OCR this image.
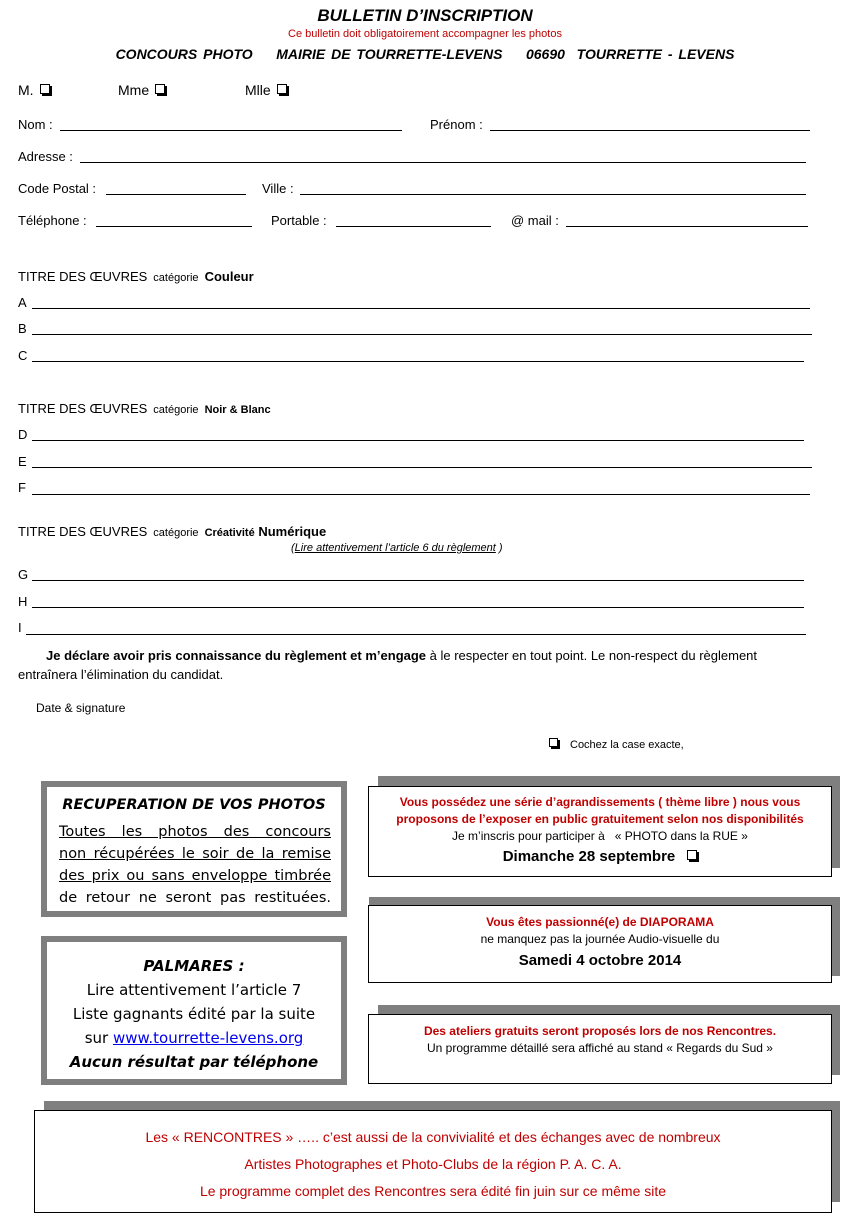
BULLETIN D’INSCRIPTION
Ce bulletin doit obligatoirement accompagner les photos
CONCOURS PHOTO    MAIRIE DE TOURRETTE-LEVENS    06690  TOURRETTE - LEVENS
M.	Mme	Mlle
Nom :	Prénom :
Adresse :
Code Postal :	Ville :
Téléphone :	Portable :	@ mail :
TITRE DES ŒUVRES catégorie Couleur
A
B
C
TITRE DES ŒUVRES catégorie Noir & Blanc
D
E
F
TITRE DES ŒUVRES catégorie Créativité Numérique
(Lire attentivement l’article 6 du règlement )
G
H
I
Je déclare avoir pris connaissance du règlement et m’engage à le respecter en tout point. Le non-respect du règlement entraînera l’élimination du candidat.
Date & signature
Cochez la case exacte,
RECUPERATION DE VOS PHOTOS
Toutes les photos des concours
non récupérées le soir de la remise
des prix ou sans enveloppe timbrée
de retour ne seront pas restituées.
PALMARES :
Lire attentivement l’article 7
Liste gagnants édité par la suite
sur www.tourrette-levens.org
Aucun résultat par téléphone
Vous possédez une série d’agrandissements ( thème libre ) nous vous
proposons de l’exposer en public gratuitement selon nos disponibilités
Je m’inscris pour participer à   « PHOTO dans la RUE »
Dimanche 28 septembre
Vous êtes passionné(e) de DIAPORAMA
ne manquez pas la journée Audio-visuelle du
Samedi 4 octobre 2014
Des ateliers gratuits seront proposés lors de nos Rencontres.
Un programme détaillé sera affiché au stand « Regards du Sud »
Les « RENCONTRES » ….. c’est aussi de la convivialité et des échanges avec de nombreux
Artistes Photographes et Photo-Clubs de la région P. A. C. A.
Le programme complet des Rencontres sera édité fin juin sur ce même site
